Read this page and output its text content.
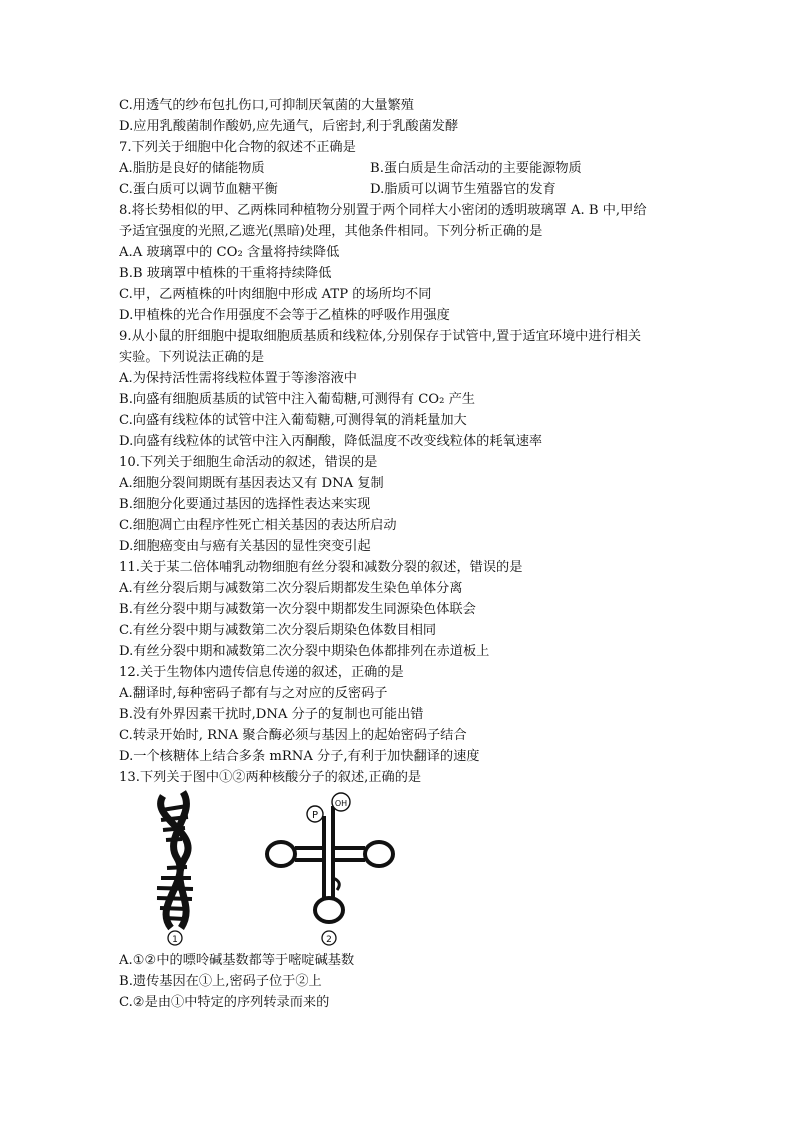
C.用透气的纱布包扎伤口,可抑制厌氧菌的大量繁殖
D.应用乳酸菌制作酸奶,应先通气，后密封,利于乳酸菌发酵
7.下列关于细胞中化合物的叙述不正确是
A.脂肪是良好的储能物质	B.蛋白质是生命活动的主要能源物质
C.蛋白质可以调节血糖平衡	D.脂质可以调节生殖器官的发育
8.将长势相似的甲、乙两株同种植物分别置于两个同样大小密闭的透明玻璃罩 A. B 中,甲给
予适宜强度的光照,乙遮光(黑暗)处理，其他条件相同。下列分析正确的是
A.A 玻璃罩中的 CO₂ 含量将持续降低
B.B 玻璃罩中植株的干重将持续降低
C.甲，乙两植株的叶肉细胞中形成 ATP 的场所均不同
D.甲植株的光合作用强度不会等于乙植株的呼吸作用强度
9.从小鼠的肝细胞中提取细胞质基质和线粒体,分别保存于试管中,置于适宜环境中进行相关
实验。下列说法正确的是
A.为保持活性需将线粒体置于等渗溶液中
B.向盛有细胞质基质的试管中注入葡萄糖,可测得有 CO₂ 产生
C.向盛有线粒体的试管中注入葡萄糖,可测得氧的消耗量加大
D.向盛有线粒体的试管中注入丙酮酸，降低温度不改变线粒体的耗氧速率
10.下列关于细胞生命活动的叙述，错误的是
A.细胞分裂间期既有基因表达又有 DNA 复制
B.细胞分化要通过基因的选择性表达来实现
C.细胞凋亡由程序性死亡相关基因的表达所启动
D.细胞癌变由与癌有关基因的显性突变引起
11.关于某二倍体哺乳动物细胞有丝分裂和减数分裂的叙述，错误的是
A.有丝分裂后期与减数第二次分裂后期都发生染色单体分离
B.有丝分裂中期与减数第一次分裂中期都发生同源染色体联会
C.有丝分裂中期与减数第二次分裂后期染色体数目相同
D.有丝分裂中期和减数第二次分裂中期染色体都排列在赤道板上
12.关于生物体内遗传信息传递的叙述，正确的是
A.翻译时,每种密码子都有与之对应的反密码子
B.没有外界因素干扰时,DNA 分子的复制也可能出错
C.转录开始时, RNA 聚合酶必须与基因上的起始密码子结合
D.一个核糖体上结合多条 mRNA 分子,有利于加快翻译的速度
13.下列关于图中①②两种核酸分子的叙述,正确的是
1
P
OH
2
A.①②中的嘌呤碱基数都等于嘧啶碱基数
B.遗传基因在①上,密码子位于②上
C.②是由①中特定的序列转录而来的
